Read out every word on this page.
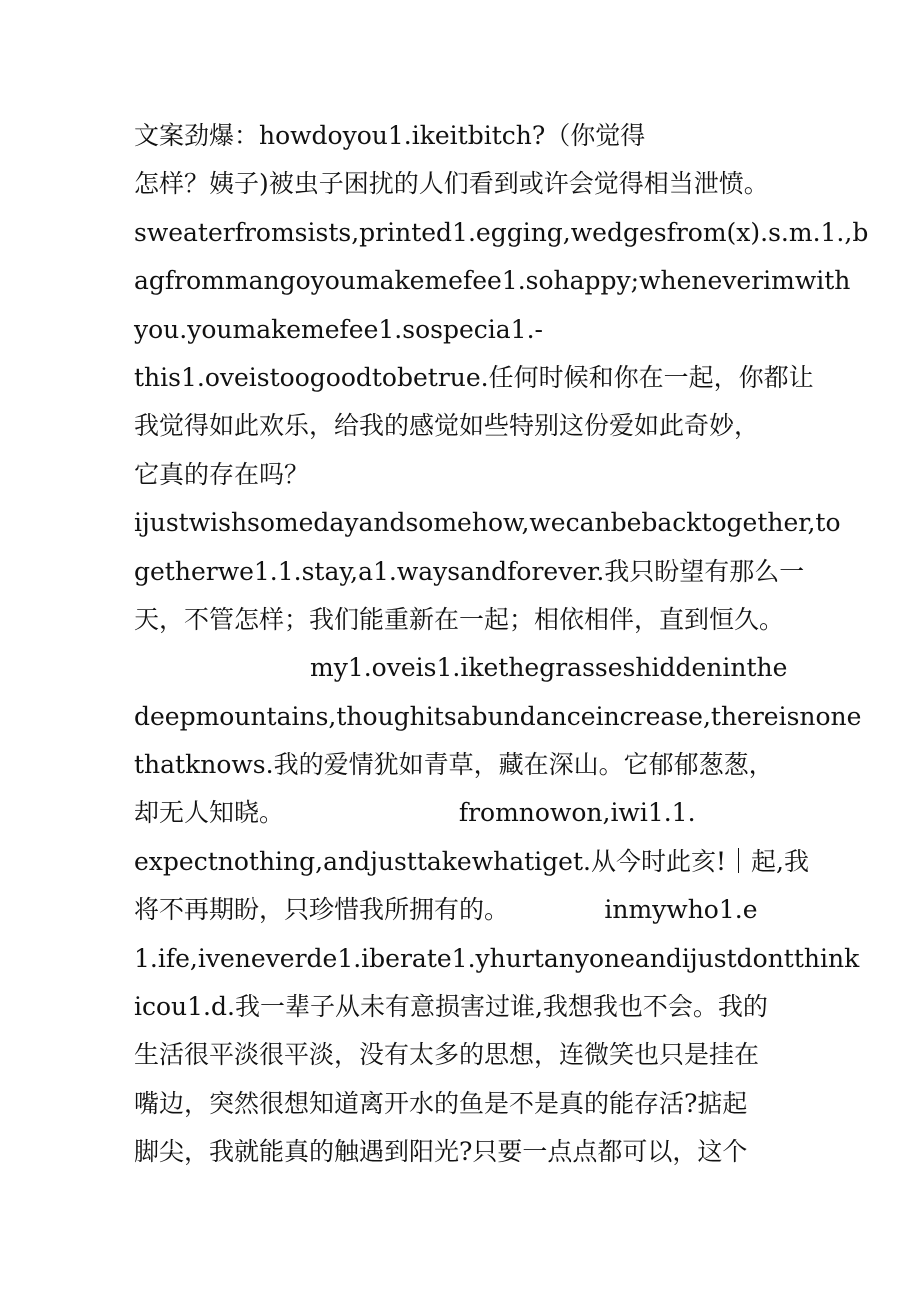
文案劲爆：howdoyou1.ikeitbitch?（你觉得
怎样？姨子)被虫子困扰的人们看到或许会觉得相当泄愤。
sweaterfromsists,printed1.egging,wedgesfrom(x).s.m.1.,b
agfrommangoyoumakemefee1.sohappy;wheneverimwith
you.youmakemefee1.sospecia1.-
this1.oveistoogoodtobetrue.任何时候和你在一起，你都让
我觉得如此欢乐，给我的感觉如些特别这份爱如此奇妙，
它真的存在吗？
ijustwishsomedayandsomehow,wecanbebacktogether,to
getherwe1.1.stay,a1.waysandforever.我只盼望有那么一
天，不管怎样；我们能重新在一起；相依相伴，直到恒久。
my1.oveis1.ikethegrasseshiddeninthe
deepmountains,thoughitsabundanceincrease,thereisnone
thatknows.我的爱情犹如青草，藏在深山。它郁郁葱葱，
却无人知晓。                      fromnowon,iwi1.1.
expectnothing,andjusttakewhatiget.从今时此亥!｜起,我
将不再期盼，只珍惜我所拥有的。            inmywho1.e
1.ife,iveneverde1.iberate1.yhurtanyoneandijustdontthink
icou1.d.我一辈子从未有意损害过谁,我想我也不会。我的
生活很平淡很平淡，没有太多的思想，连微笑也只是挂在
嘴边，突然很想知道离开水的鱼是不是真的能存活?掂起
脚尖，我就能真的触遇到阳光?只要一点点都可以，这个
